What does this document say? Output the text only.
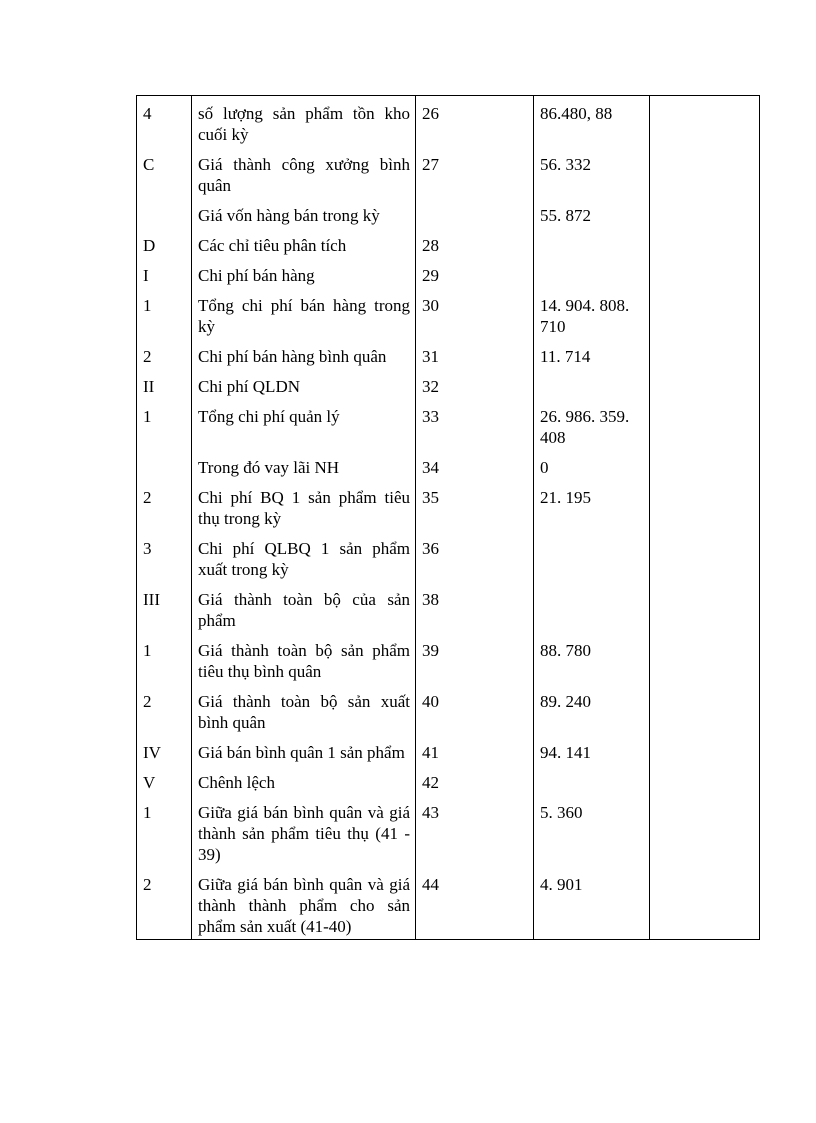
4	số lượng sản phẩm tồn kho cuối kỳ	26	86.480, 88	
C	Giá thành công xưởng bình quân	27	56. 332	
	Giá vốn hàng bán trong kỳ		55. 872	
D	Các chỉ tiêu phân tích	28		
I	Chi phí bán hàng	29		
1	Tổng chi phí bán hàng trong kỳ	30	14. 904. 808. 710	
2	Chi phí bán hàng bình quân	31	11. 714	
II	Chi phí QLDN	32		
1	Tổng chi phí quản lý	33	26. 986. 359. 408	
	Trong đó vay lãi NH	34	0	
2	Chi phí BQ 1 sản phẩm tiêu thụ trong kỳ	35	21. 195	
3	Chi phí QLBQ 1 sản phẩm xuất trong kỳ	36		
III	Giá thành toàn bộ của sản phẩm	38		
1	Giá thành toàn bộ sản phẩm tiêu thụ bình quân	39	88. 780	
2	Giá thành toàn bộ sản xuất bình quân	40	89. 240	
IV	Giá bán bình quân 1 sản phẩm	41	94. 141	
V	Chênh lệch	42		
1	Giữa giá bán bình quân và giá thành sản phẩm tiêu thụ (41 - 39)	43	5. 360	
2	Giữa giá bán bình quân và giá thành thành phẩm cho sản phẩm sản xuất (41-40)	44	4. 901	
